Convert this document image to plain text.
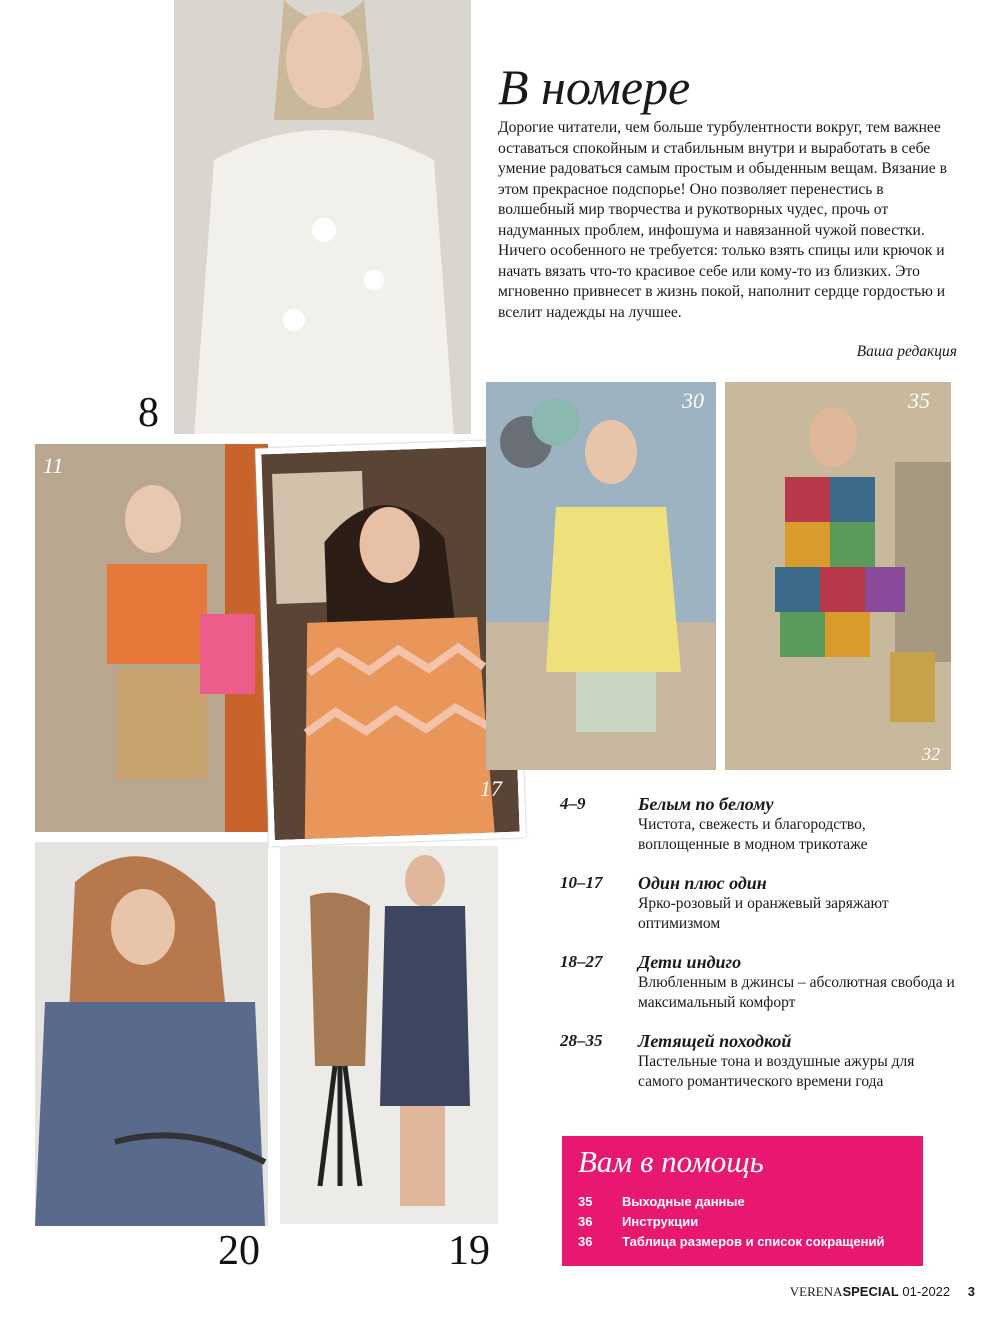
8
11
17
30	35
32
20	19
В номере

Дорогие читатели, чем больше турбулентности вокруг, тем важнее оставаться спокойным и стабильным внутри и выработать в себе умение радоваться самым простым и обыденным вещам. Вязание в этом прекрасное подспорье! Оно позволяет перенестись в волшебный мир творчества и рукотворных чудес, прочь от надуманных проблем, инфошума и навязанной чужой повестки. Ничего особенного не требуется: только взять спицы или крючок и начать вязать что-то красивое себе или кому-то из близких. Это мгновенно привнесет в жизнь покой, наполнит сердце гордостью и вселит надежды на лучшее.

Ваша редакция
4–9	Белым по белому
Чистота, свежесть и благородство, воплощенные в модном трикотаже
10–17 Один плюс один
Ярко-розовый и оранжевый заряжают оптимизмом
18–27 Дети индиго
Влюбленным в джинсы – абсолютная свобода и максимальный комфорт
28–35 Летящей походкой
Пастельные тона и воздушные ажуры для самого романтического времени года
Вам в помощь
35 Выходные данные
36 Инструкции
36 Таблица размеров и список сокращений
VERENASPECIAL 01-2022 3
